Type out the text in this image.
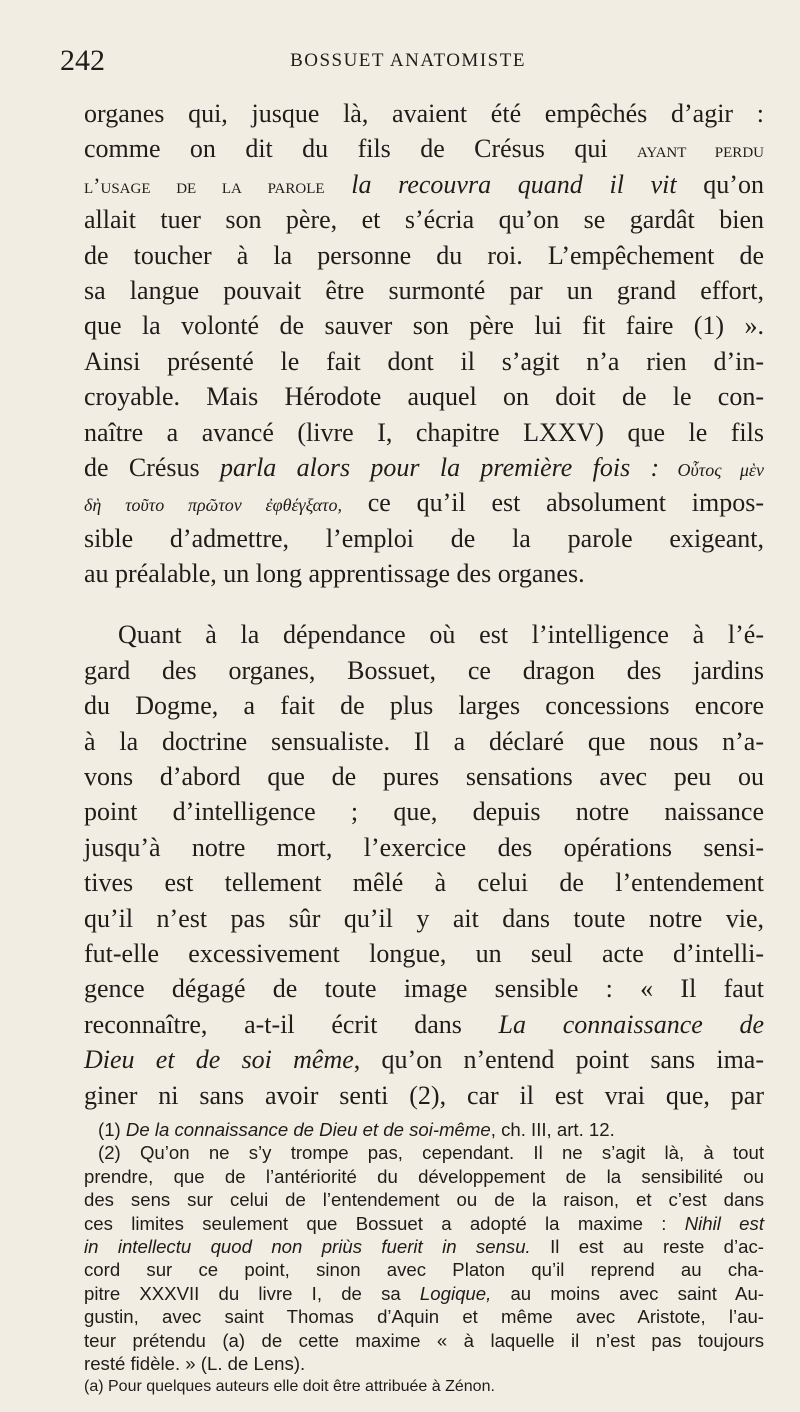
242	BOSSUET ANATOMISTE
organes qui, jusque là, avaient été empêchés d’agir :
comme on dit du fils de Crésus qui ayant perdu
l’usage de la parole la recouvra quand il vit qu’on
allait tuer son père, et s’écria qu’on se gardât bien
de toucher à la personne du roi. L’empêchement de
sa langue pouvait être surmonté par un grand effort,
que la volonté de sauver son père lui fit faire (1) ».
Ainsi présenté le fait dont il s’agit n’a rien d’in-
croyable. Mais Hérodote auquel on doit de le con-
naître a avancé (livre I, chapitre LXXV) que le fils
de Crésus parla alors pour la première fois : Οὗτος μὲν
δὴ τοῦτο πρῶτον ἐφθέγξατο, ce qu’il est absolument impos-
sible d’admettre, l’emploi de la parole exigeant,
au préalable, un long apprentissage des organes.
Quant à la dépendance où est l’intelligence à l’é-
gard des organes, Bossuet, ce dragon des jardins
du Dogme, a fait de plus larges concessions encore
à la doctrine sensualiste. Il a déclaré que nous n’a-
vons d’abord que de pures sensations avec peu ou
point d’intelligence ; que, depuis notre naissance
jusqu’à notre mort, l’exercice des opérations sensi-
tives est tellement mêlé à celui de l’entendement
qu’il n’est pas sûr qu’il y ait dans toute notre vie,
fut-elle excessivement longue, un seul acte d’intelli-
gence dégagé de toute image sensible : « Il faut
reconnaître, a-t-il écrit dans La connaissance de
Dieu et de soi même, qu’on n’entend point sans ima-
giner ni sans avoir senti (2), car il est vrai que, par
(1) De la connaissance de Dieu et de soi-même, ch. III, art. 12.
(2) Qu’on ne s’y trompe pas, cependant. Il ne s’agit là, à tout
prendre, que de l’antériorité du développement de la sensibilité ou
des sens sur celui de l’entendement ou de la raison, et c’est dans
ces limites seulement que Bossuet a adopté la maxime : Nihil est
in intellectu quod non priùs fuerit in sensu. Il est au reste d’ac-
cord sur ce point, sinon avec Platon qu’il reprend au cha-
pitre XXXVII du livre I, de sa Logique, au moins avec saint Au-
gustin, avec saint Thomas d’Aquin et même avec Aristote, l’au-
teur prétendu (a) de cette maxime « à laquelle il n’est pas toujours
resté fidèle. » (L. de Lens).
(a) Pour quelques auteurs elle doit être attribuée à Zénon.
